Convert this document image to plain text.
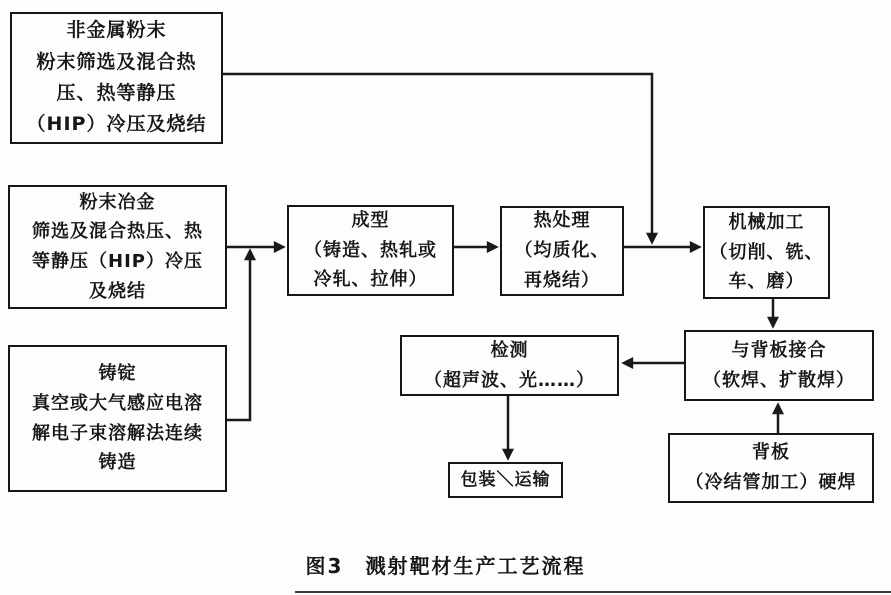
非金属粉末
粉末筛选及混合热
压、热等静压
（HIP）冷压及烧结
粉末冶金
筛选及混合热压、热
等静压（HIP）冷压
及烧结
铸锭
真空或大气感应电溶
解电子束溶解法连续
铸造
成型
（铸造、热轧或
冷轧、拉伸）
热处理
（均质化、
再烧结）
机械加工
（切削、铣、
车、磨）
与背板接合
（软焊、扩散焊）
背板
（冷结管加工）硬焊
检测
（超声波、光……）
包装＼运输
图3　溅射靶材生产工艺流程
